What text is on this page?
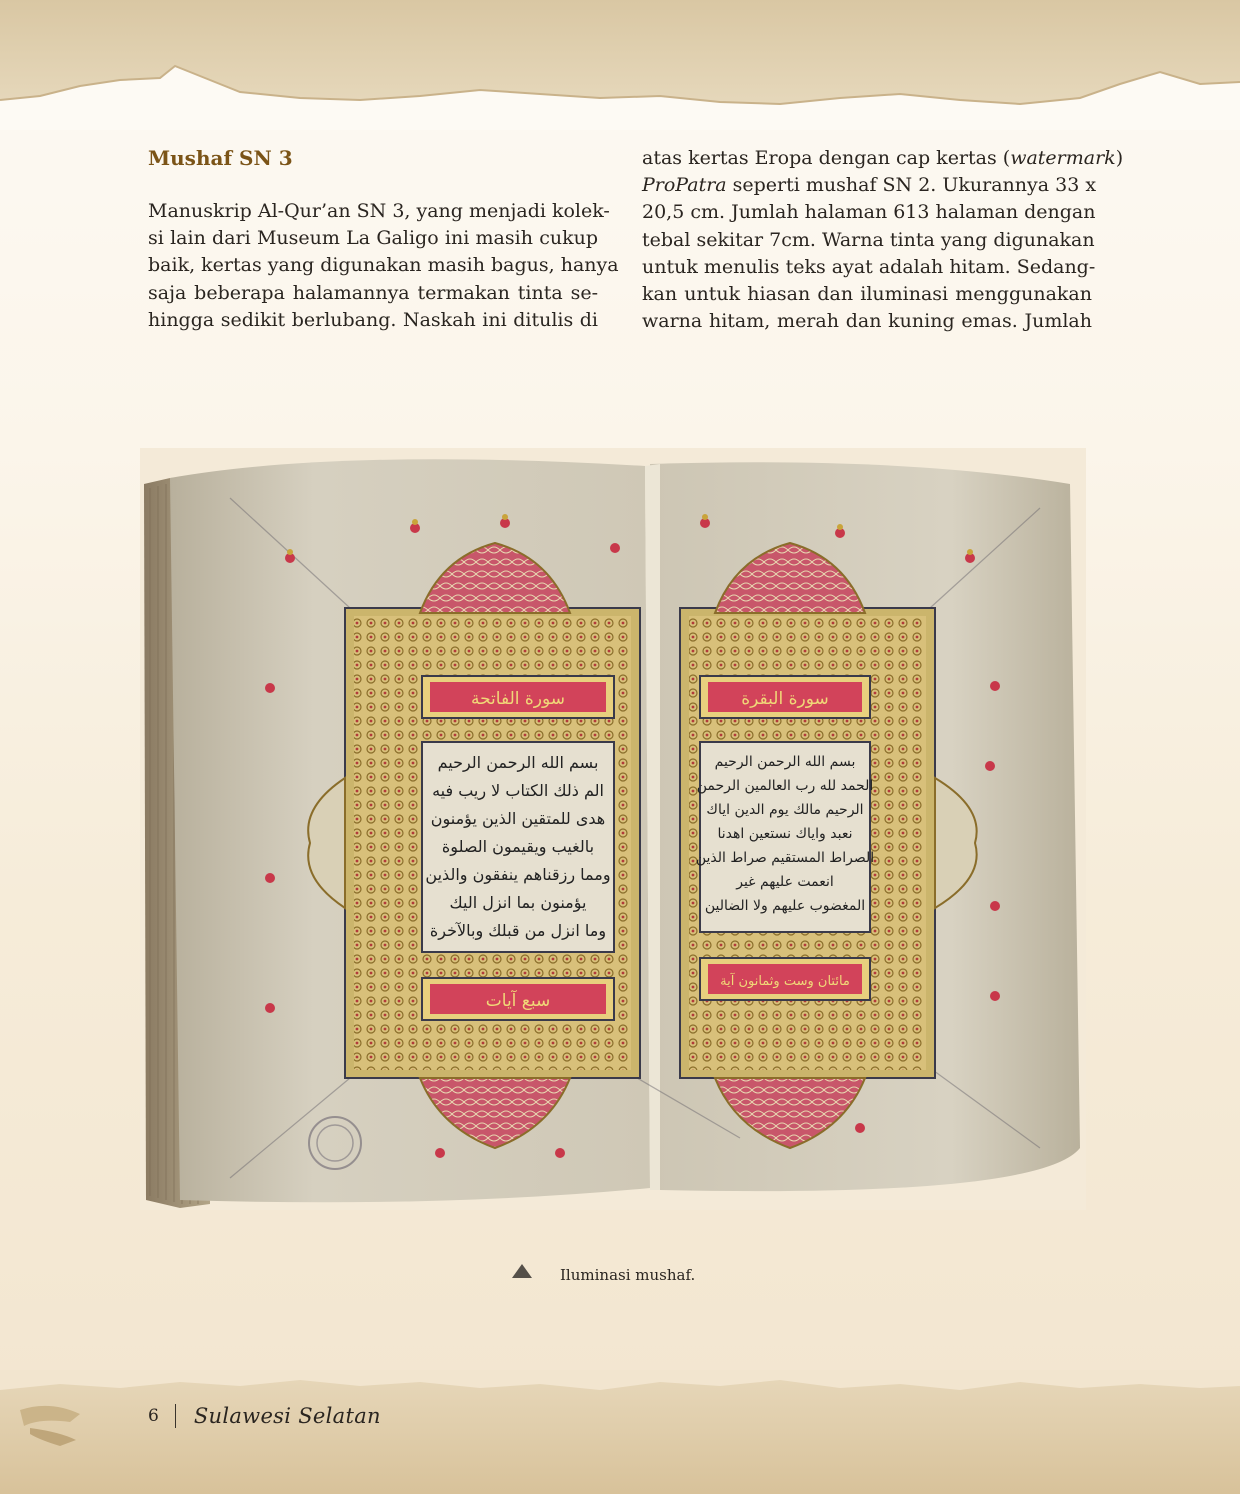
Mushaf SN 3
Manuskrip Al-Qur’an SN 3, yang menjadi kolek-
si lain dari Museum La Galigo ini masih cukup
baik, kertas yang digunakan masih bagus, hanya
saja beberapa halamannya termakan tinta se-
hingga sedikit berlubang. Naskah ini ditulis di
atas kertas Eropa dengan cap kertas (watermark)
ProPatra seperti mushaf SN 2. Ukurannya 33 x
20,5 cm. Jumlah halaman 613 halaman dengan
tebal sekitar 7cm. Warna tinta yang digunakan
untuk menulis teks ayat adalah hitam. Sedang-
kan untuk hiasan dan iluminasi menggunakan
warna hitam, merah dan kuning emas. Jumlah
سورة الفاتحة
بسم الله الرحمن الرحيم
الم ذلك الكتاب لا ريب فيه
هدى للمتقين الذين يؤمنون
بالغيب ويقيمون الصلوة
ومما رزقناهم ينفقون والذين
يؤمنون بما انزل اليك
وما انزل من قبلك وبالآخرة
سبع آيات
سورة البقرة
بسم الله الرحمن الرحيم
الحمد لله رب العالمين الرحمن
الرحيم مالك يوم الدين اياك
نعبد واياك نستعين اهدنا
الصراط المستقيم صراط الذين
انعمت عليهم غير
المغضوب عليهم ولا الضالين
مائتان وست وثمانون آية
Iluminasi mushaf.
6 Sulawesi Selatan
